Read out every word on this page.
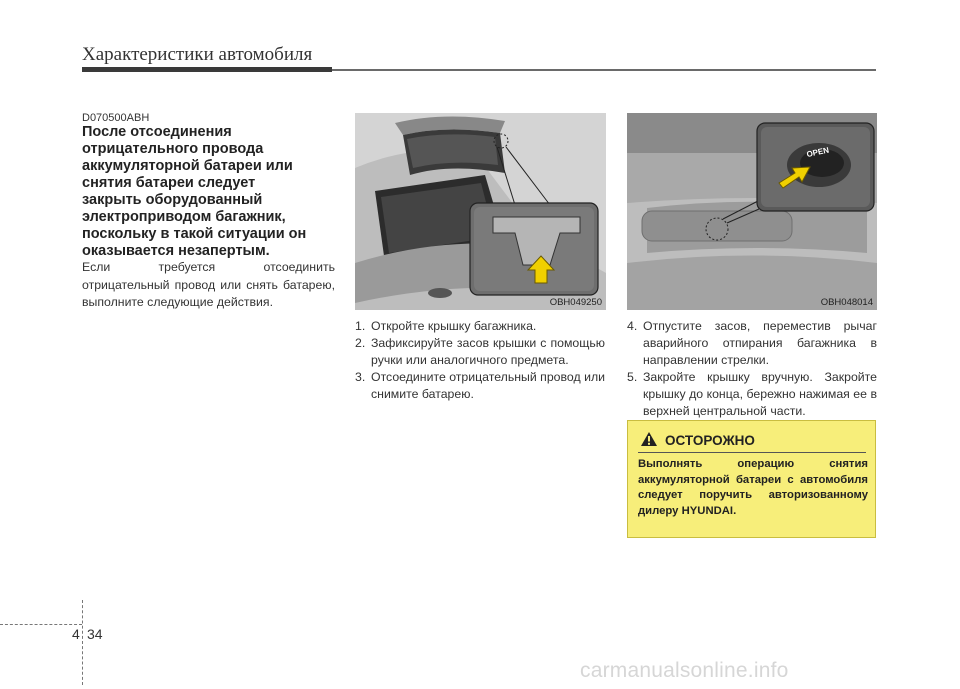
Характеристики автомобиля
D070500ABH
После отсоединения
отрицательного провода
аккумуляторной батареи или
снятия батареи следует
закрыть оборудованный
электроприводом багажник,
поскольку в такой ситуации он
оказывается незапертым.
Если требуется отсоединить отрицательный провод или снять батарею, выполните следующие действия.	OBH049250
OPEN
OBH048014
1. Откройте крышку багажника.
2. Зафиксируйте засов крышки с помощью ручки или аналогичного предмета.
3. Отсоедините отрицательный провод или снимите батарею.
4. Отпустите засов, переместив рычаг аварийного отпирания багажника в направлении стрелки.
5. Закройте крышку вручную. Закройте крышку до конца, бережно нажимая ее в верхней центральной части.
ОСТОРОЖНО
Выполнять операцию снятия аккумуляторной батареи с автомобиля следует поручить авторизованному дилеру HYUNDAI.
4 34
carmanualsonline.info
